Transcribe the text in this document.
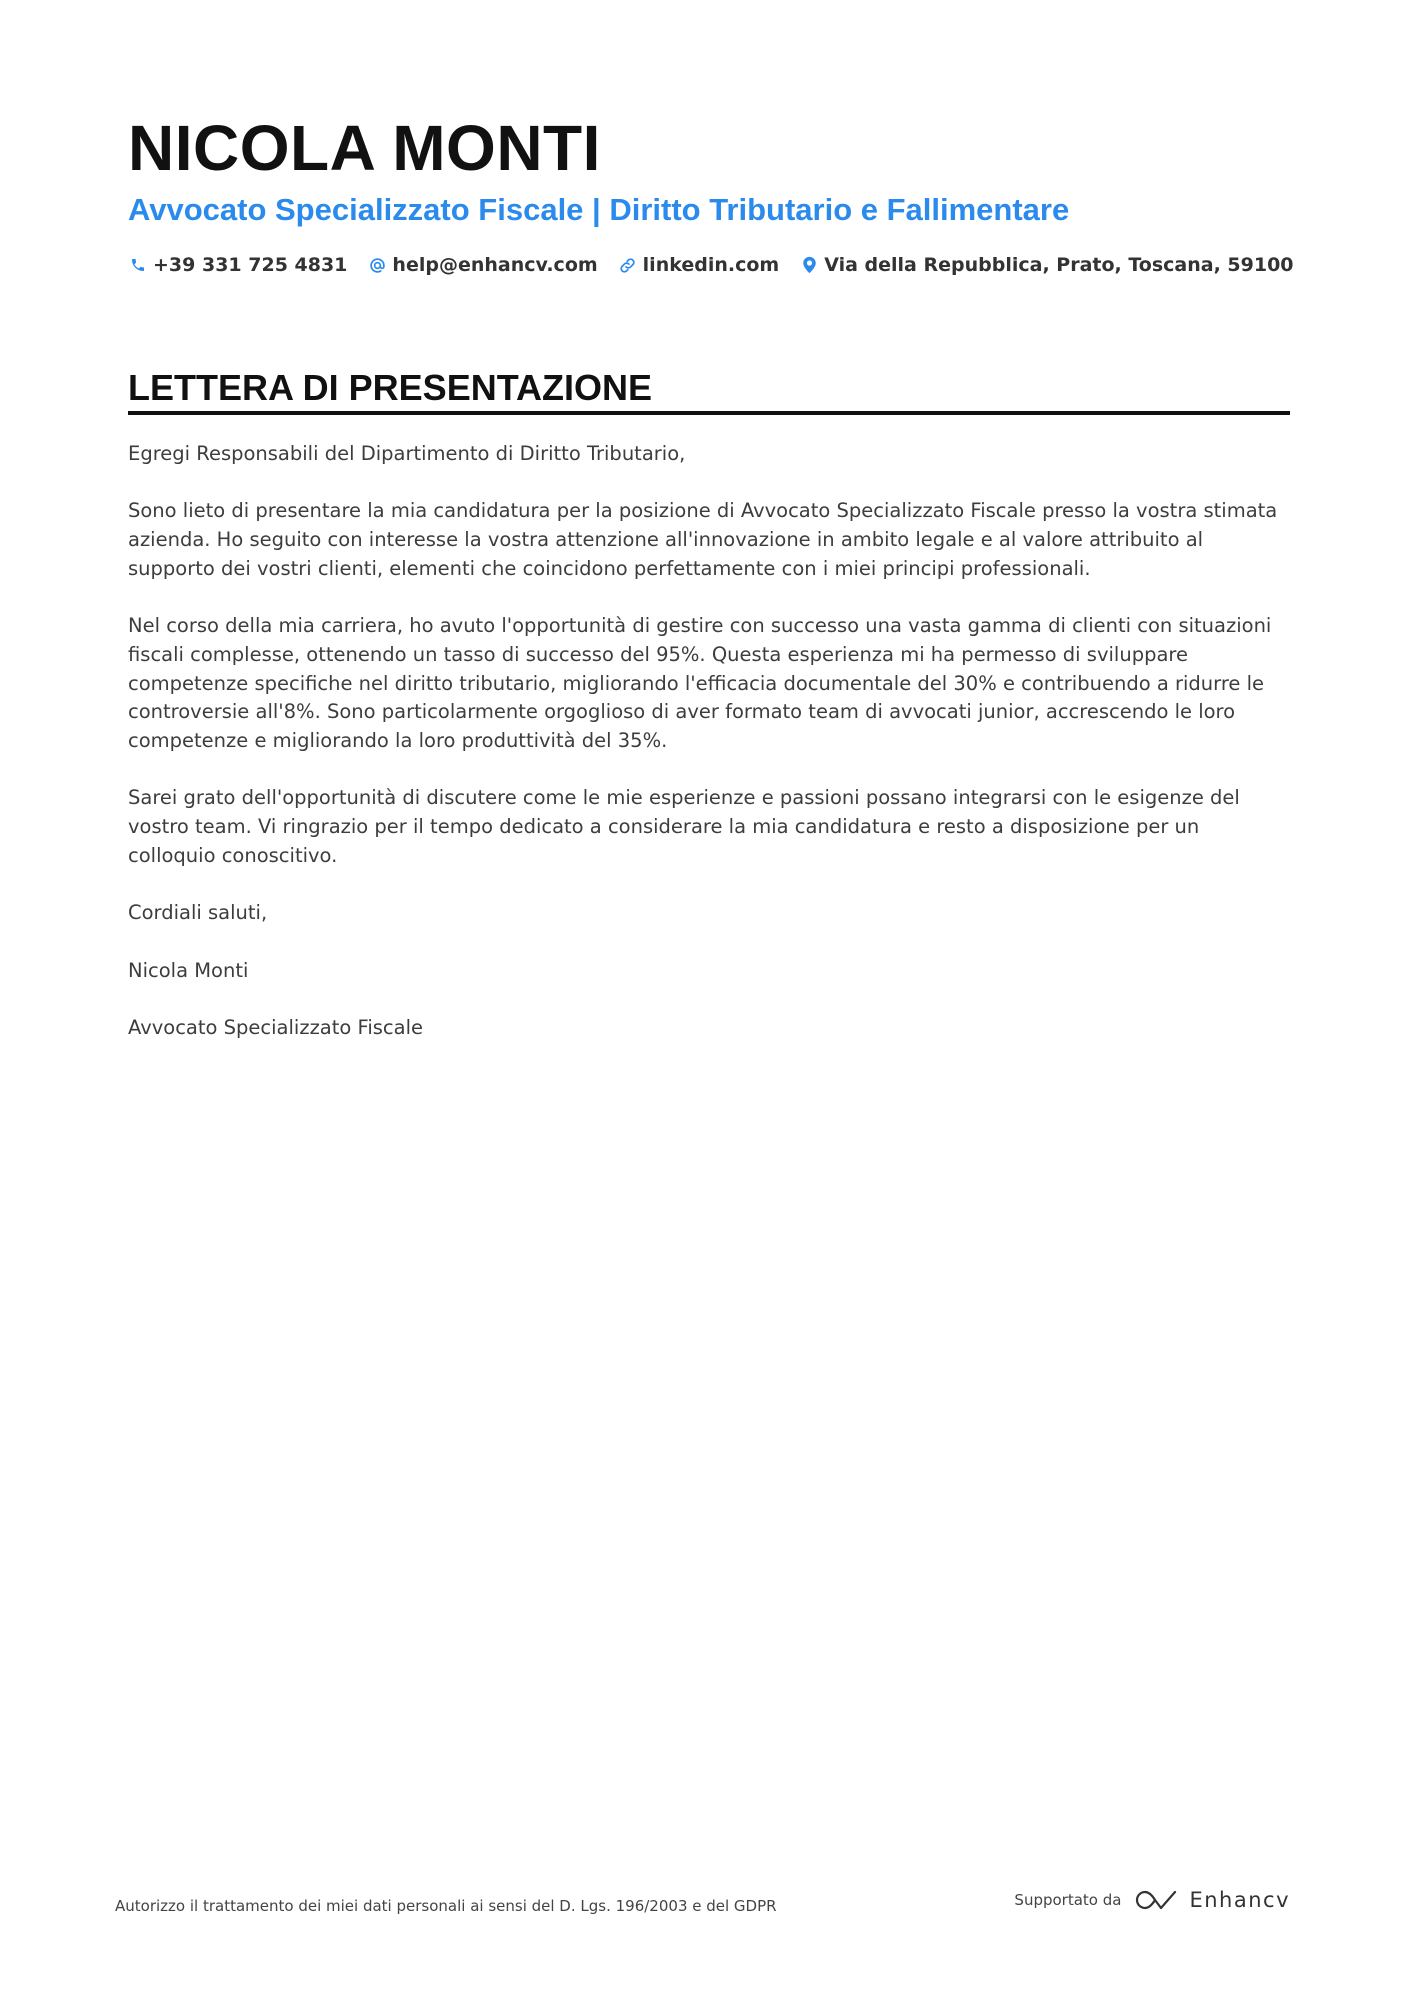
NICOLA MONTI
Avvocato Specializzato Fiscale | Diritto Tributario e Fallimentare
+39 331 725 4831 help@enhancv.com linkedin.com Via della Repubblica, Prato, Toscana, 59100
LETTERA DI PRESENTAZIONE

Egregi Responsabili del Dipartimento di Diritto Tributario,

Sono lieto di presentare la mia candidatura per la posizione di Avvocato Specializzato Fiscale presso la vostra stimata azienda. Ho seguito con interesse la vostra attenzione all'innovazione in ambito legale e al valore attribuito al supporto dei vostri clienti, elementi che coincidono perfettamente con i miei principi professionali.

Nel corso della mia carriera, ho avuto l'opportunità di gestire con successo una vasta gamma di clienti con situazioni fiscali complesse, ottenendo un tasso di successo del 95%. Questa esperienza mi ha permesso di sviluppare competenze specifiche nel diritto tributario, migliorando l'efficacia documentale del 30% e contribuendo a ridurre le controversie all'8%. Sono particolarmente orgoglioso di aver formato team di avvocati junior, accrescendo le loro competenze e migliorando la loro produttività del 35%.

Sarei grato dell'opportunità di discutere come le mie esperienze e passioni possano integrarsi con le esigenze del vostro team. Vi ringrazio per il tempo dedicato a considerare la mia candidatura e resto a disposizione per un colloquio conoscitivo.

Cordiali saluti,

Nicola Monti

Avvocato Specializzato Fiscale

Autorizzo il trattamento dei miei dati personali ai sensi del D. Lgs. 196/2003 e del GDPR	Supportato da	Enhancv
